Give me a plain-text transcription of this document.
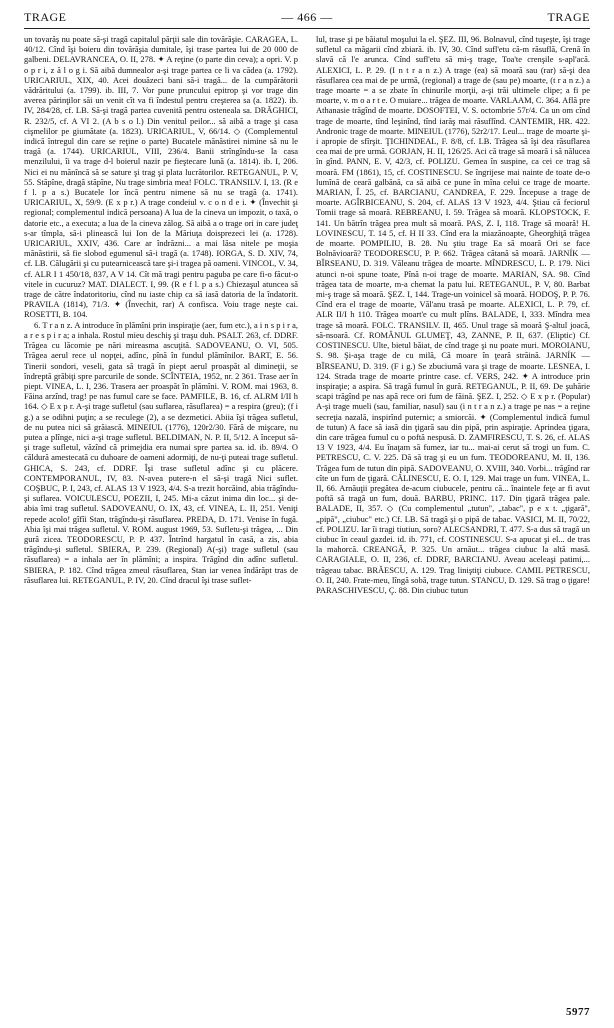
TRAGE	— 466 —	TRAGE

un tovarăş nu poate să-şi tragă capitalul părţii sale din tovărăşie. CARAGEA, L. 40/12. Cînd îşi boieru din tovărăşia dumitale, îşi trase partea lui de 20 000 de galbeni. DELAVRANCEA, O. II, 278. ✦ A reţine (o parte din ceva); a opri. V. p o p r i, z ă l o g i. Să aibă dumnealor a-şi trage partea ce li va cădea (a. 1792). URICARIUL, XIX, 40. Acei douăzeci bani să-i tragă... de la cumpărătorii vădrăritului (a. 1799). ib. III, 7. Vor pune pruncului epitrop şi vor trage din averea părinţilor săi un venit cît va fi îndestul pentru creşterea sa (a. 1822). ib. IV, 284/28, cf. LB. Să-şi tragă partea cuvenită pentru osteneala sa. DRĂGHICI, R. 232/5, cf. A VI 2. (A b s o l.) Din venitul peilor... să aibă a trage şi casa cişmelilor pe giumătate (a. 1823). URICARIUL, V, 66/14. ◇ (Complementul indică întregul din care se reţine o parte) Bucatele mănăstirei nimine să nu le tragă (a. 1744). URICARIUL, VIII, 236/4. Banii strîngîndu-se la casa menzilului, îi va trage d-l boierul nazir pe fieştecare lună (a. 1814). ib. I, 206. Nici ei nu mănîncă să se sature şi trag şi plata lucrătorilor. RETEGANUL, P. V, 55. Stăpîne, dragă stăpîne, Nu trage simbria mea! FOLC. TRANSILV. I, 13. (R e f l. p a s.) Bucatele lor încă pentru nimene să nu se tragă (a. 1741). URICARIUL, X, 59/9. (E x p r.) A trage condeiul v. c o n d e i. ✦ (Învechit şi regional; complementul indică persoana) A lua de la cineva un impozit, o taxă, o datorie etc., a executa; a lua de la cineva zălog. Să aibă a o trage ori in care judeţ s-ar tîmpla, să-i plinească lui Ion de la Măriuţa doisprezeci lei (a. 1728). URICARIUL, XXIV, 436. Care ar îndrăzni... a mai lăsa nitele pe moşia mănăstirii, să fie slobod egumenul să-i tragă (a. 1748). IORGA, S. D. XIV, 74, cf. LB. Călugării şi cu putearnicească tare şi-i tragea pă oameni. VINCOL, V. 34, cf. ALR I 1 450/18, 837, A V 14. Cît mă tragi pentru paguba pe care fi-o făcut-o vitele in cucuruz? MAT. DIALECT. I, 99. (R e f l. p a s.) Chiezaşul atuncea să trage de către îndatoritoriu, cînd nu iaste chip ca să iasă datoria de la îndatorit. PRAVILA (1814), 71/3. ✦ (Învechit, rar) A confisca. Voiu trage neşte cai. ROSETTI, B. 104.

6. T r a n z. A introduce în plămîni prin inspiraţie (aer, fum etc.), a i n s p i r a, a r e s p i r a; a inhala. Rostul mieu deschiş şi traşu duh. PSALT. 263, cf. DDRF. Trăgea cu lăcomie pe nări mireasma ascuţită. SADOVEANU, O. VI, 505. Trăgea aerul rece ul nopţei, adînc, pînă în fundul plămînilor. BART, E. 56. Tinerii sondori, veseli, gata să tragă în piept aerul proaspăt al dimineţii, se îndreptă grăbiţi spre parcurile de sonde. SCÎNTEIA, 1952, nr. 2 361. Trase aer în piept. VINEA, L. I, 236. Trasera aer proaspăt în plămîni. V. ROM. mai 1963, 8. Făina arzînd, trag! pe nas fumul care se face. PAMFILE, B. 16, cf. ALRM I/II h 164. ◇ E x p r. A-şi trage sufletul (sau suflarea, răsuflarea) = a respira (greu); (f i g.) a se odihni puţin; a se reculege (2), a se dezmetici. Abiia îşi trăgea sufletul, de nu putea nici să grăiască. MINEIUL (1776), 120r2/30. Fără de mişcare, nu putea a plînge, nici a-şi trage sufletul. BELDIMAN, N. P. II, 5/12. A început să-şi trage sufletul, văzînd că primejdia era numai spre partea sa. id. ib. 89/4. O căldură amestecată cu duhoare de oameni adormiţi, de nu-ţi puteai trage sufletul. GHICA, S. 243, cf. DDRF. Îşi trase sufletul adînc şi cu plăcere. CONTEMPORANUL, IV, 83. N-avea putere-n el să-şi tragă Nici suflet. COŞBUC, P. I, 243, cf. ALAS 13 V 1923, 4/4. S-a trezit horcăind, abia trăgîndu-şi suflarea. VOICULESCU, POEZII, I, 245. Mi-a căzut inima din loc... şi de-abia îmi trag sufletul. SADOVEANU, O. IX, 43, cf. VINEA, L. II, 251. Veniţi repede acolo! gîfîi Stan, trăgîndu-şi răsuflarea. PREDA, D. 171. Venise în fugă. Abia îşi mai trăgea sufletul. V. ROM. august 1969, 53. Sufletu-şi trăgea, ... Din gură zicea. TEODORESCU, P. P. 437. Întrînd hargatul în casă, a zis, abia trăgîndu-şi sufletul. SBIERA, P. 239. (Regional) A(-şi) trage sufletul (sau răsuflarea) = a inhala aer în plămîni; a inspira. Trăgînd din adînc sufletul. SBIERA, P. 182. Cînd trăgea zmeul răsuflarea, Stan iar venea îndărăpt tras de răsuflarea lui. RETEGANUL, P. IV, 20. Cînd dracul îşi trase suflet-

lul, trase şi pe băiatul moşului la el. ŞEZ. III, 96. Bolnavul, cînd tuşeşte, îşi trage sufletul ca măgarii cînd zbiară. ib. IV, 30. Cînd sufl'etu că-m răsuflă, Crenă în slavă că l'e arunca. Cînd sufl'etu să mi-ş trage, Toa'te crenşile s-apl'acă. ALEXICI, L. P. 29. (I n t r a n z.) A trage (ea) să moară sau (rar) să-şi dea răsuflarea cea mai de pe urmă, (regional) a trage de (sau pe) moarte, (t r a n z.) a trage moarte = a se zbate în chinurile morţii, a-şi trăi ultimele clipe; a fi pe moarte, v. m o a r t e. O muiare... trăgea de moarte. VARLAAM, C. 364. Află pre Athanasie trăgînd de moarte. DOSOFTEI, V. S. octombrie 57r/4. Ca un om cînd trage de moarte, tînd leşinînd, tînd iarăş mai răsuflînd. CANTEMIR, HR. 422. Andronic trage de moarte. MINEIUL (1776), 52r2/17. Leul... trage de moarte şi-i apropie de sfîrşit. ŢICHINDEAL, F. 8/8, cf. LB. Trăgea să îşi dea răsuflarea cea mai de pre urmă. GORJAN, H. II, 126/25. Aci că trage să moară i să nălucea în gînd. PANN, E. V, 42/3, cf. POLIZU. Gemea în suspine, ca cei ce trag să moară. FM (1861), 15, cf. COSTINESCU. Se îngrijese mai nainte de toate de-o lumînă de ceară galbănă, ca să aibă ce pune în mîna celui ce trage de moarte. MARIAN, Î. 25, cf. BARCIANU, CANDREA, F. 229. Începuse a trage de moarte. AGÎRBICEANU, S. 204, cf. ALAS 13 V 1923, 4/4. Ştiau că feciorul Tomii trage să moară. REBREANU, I. 59. Trăgea să moară. KLOPSTOCK, F. 141. Un bătrîn trăgea prea mult să moară. PAS, Z. I, 118. Trage să moară! H. LOVINESCU, T. 14 5, cf. H II 33. Cînd era la miazănoapte, Gheorghiţă trăgea de moarte. POMPILIU, B. 28. Nu ştiu trage Ea să moară Ori se face Bolnăvioară? TEODORESCU, P. P. 662. Trăgea cătană să moară. JARNÍK — BÎRSEANU, D. 319. Văleanu trăgea de moarte. MÎNDRESCU, L. P. 179. Nici atunci n-oi spune toate, Pînă n-oi trage de moarte. MARIAN, SA. 98. Cînd trăgea tata de moarte, m-a chemat la patu lui. RETEGANUL, P. V, 80. Barbat mi-ş trage să moară. ŞEZ. I, 144. Trage-un voinicel să moară. HODOŞ, P. P. 76. Cînd era el trage de moarte, Văl'anu trasă pe moarte. ALEXICI, L. P. 79, cf. ALR II/I h 110. Trăgea moart'e cu mult plîns. BALADE, I, 333. Mîndra mea trage să moară. FOLC. TRANSILV. II, 465. Unul trage să moară Ş-altul joacă, să-nsoară. Cf. ROMÂNUL GLUMEŢ, 43, ZANNE, P. II, 637. (Eliptic) Cf. COSTINESCU. Ulte, bietul băiat, de cînd trage şi nu poate muri. MOROIANU, S. 98. Şi-aşa trage de cu milă, Că moare în ţeară străină. JARNÍK — BÎRSEANU, D. 319. (F i g.) Se zbuciumă vara şi trage de moarte. LESNEA, I. 124. Strada trage de moarte printre case. cf. VERS, 242. ✦ A introduce prin inspiraţie; a aspira. Să tragă fumul în gură. RETEGANUL, P. II, 69. De şuhărie scapi trăgînd pe nas apă rece ori fum de făină. ŞEZ. I, 252. ◇ E x p r. (Popular) A-şi trage mueli (sau, familiar, nasul) sau (i n t r a n z.) a trage pe nas = a reţine secreţia nazală, inspirînd puternic; a smiorcăi. ✦ (Complementul indică fumul de tutun) A face să iasă din ţigară sau din pipă, prin aspiraţie. Aprindea ţigara, din care trăgea fumul cu o poftă nespusă. D. ZAMFIRESCU, T. S. 26, cf. ALAS 13 V 1923, 4/4. Eu înaţam să fumez, iar tu... mai-ai cerut să trogi un fum. C. PETRESCU, C. V. 225. Dă să trag şi eu un fum. TEODOREANU, M. II, 136. Trăgea fum de tutun din pipă. SADOVEANU, O. XVIII, 340. Vorbi... trăgînd rar cîte un fum de ţigară. CĂLINESCU, E. O. I, 129. Mai trage un fum. VINEA, L. II, 66. Arnăuţii pregătea de-acum ciubucele, pentru că... înaintele feţe ar fi avut poftă să tragă un fum, două. BARBU, PRINC. 117. Din ţigară trăgea pale. BALADE, II, 357. ◇ (Cu complementul „tutun", „tabac", p e x t. „ţigară", „pipă", „ciubuc" etc.) Cf. LB. Să tragă şi o pipă de tabac. VASICI, M. II, 70/22, cf. POLIZU. Iar îi tragi tiutiun, soro? ALECSANDRI, T. 477. S-a dus să tragă un ciubuc în ceaul gazdei. id. ib. 771, cf. COSTINESCU. S-a apucat şi el... de tras la mahorcă. CREANGĂ, P. 325. Un arnăut... trăgea ciubuc la altă masă. CARAGIALE, O. II, 236, cf. DDRF, BARCIANU. Aveau aceleaşi patimi,... trăgeau tabac. BRĂESCU, A. 129. Trag liniştiţi ciubuce. CAMIL PETRESCU, O. II, 240. Frate-meu, lîngă sobă, trage tutun. STANCU, D. 129. Să trag o ţigare! PARASCHIVESCU, Ç. 88. Din ciubuc tutun

5977
